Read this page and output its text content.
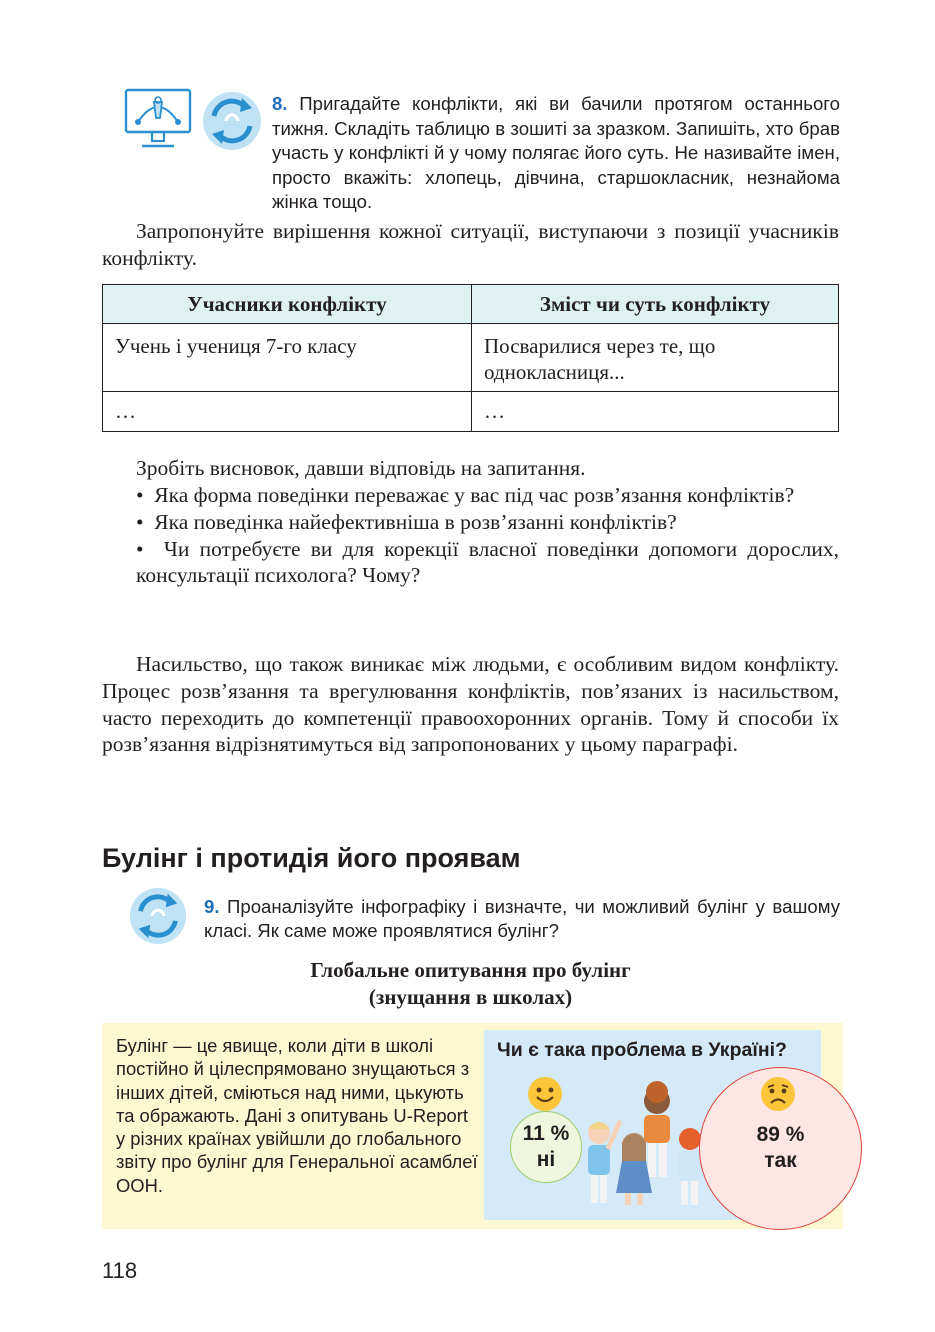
8. Пригадайте конфлікти, які ви бачили протягом останнього тижня. Складіть таблицю в зошиті за зразком. Запишіть, хто брав участь у конфлікті й у чому полягає його суть. Не називайте імен, просто вкажіть: хлопець, дівчина, старшокласник, незнайома жінка тощо.
Запропонуйте вирішення кожної ситуації, виступаючи з позиції учасників конфлікту.
Учасники конфлікту	Зміст чи суть конфлікту
Учень і учениця 7-го класу	Посварилися через те, що однокласниця...

…	…
Зробіть висновок, давши відповідь на запитання.
• Яка форма поведінки переважає у вас під час розв’язання конфліктів?
• Яка поведінка найефективніша в розв’язанні конфліктів?
• Чи потребуєте ви для корекції власної поведінки допомоги дорослих, консультації психолога? Чому?
Насильство, що також виникає між людьми, є особливим видом конфлікту. Процес розв’язання та врегулювання конфліктів, пов’язаних із насильством, часто переходить до компетенції правоохоронних органів. Тому й способи їх розв’язання відрізнятимуться від запропонованих у цьому параграфі.
Булінг і протидія його проявам
9. Проаналізуйте інфографіку і визначте, чи можливий булінг у вашому класі. Як саме може проявлятися булінг?
Глобальне опитування про булінг
(знущання в школах)
Булінг — це явище, коли діти в школі постійно й цілеспрямовано знущаються з інших дітей, сміються над ними, цькують та ображають. Дані з опитувань U-Report у різних країнах увійшли до глобального звіту про булінг для Генеральної асамблеї ООН.
Чи є така проблема в Україні?
11 %
ні
89 %
так
118
